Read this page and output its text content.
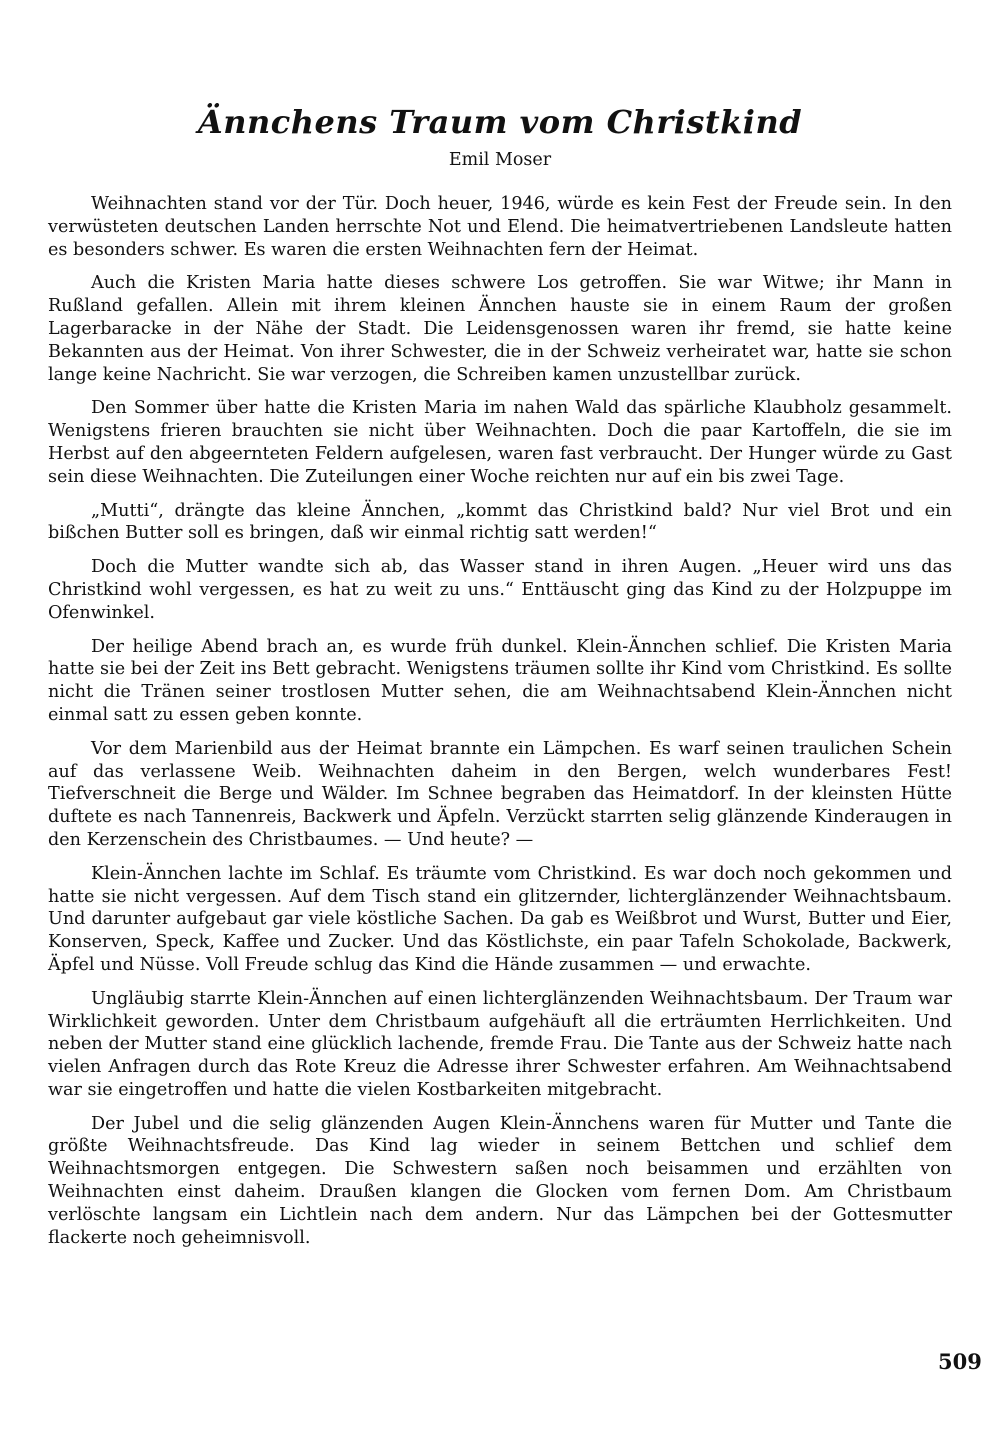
Ännchens Traum vom Christkind
Emil Moser

Weihnachten stand vor der Tür. Doch heuer, 1946, würde es kein Fest der Freude sein. In den verwüsteten deutschen Landen herrschte Not und Elend. Die heimatvertriebenen Landsleute hatten es besonders schwer. Es waren die ersten Weihnachten fern der Heimat.

Auch die Kristen Maria hatte dieses schwere Los getroffen. Sie war Witwe; ihr Mann in Rußland gefallen. Allein mit ihrem kleinen Ännchen hauste sie in einem Raum der großen Lagerbaracke in der Nähe der Stadt. Die Leidensgenossen waren ihr fremd, sie hatte keine Bekannten aus der Heimat. Von ihrer Schwester, die in der Schweiz verheiratet war, hatte sie schon lange keine Nachricht. Sie war verzogen, die Schreiben kamen unzustellbar zurück.

Den Sommer über hatte die Kristen Maria im nahen Wald das spärliche Klaubholz gesammelt. Wenigstens frieren brauchten sie nicht über Weihnachten. Doch die paar Kartoffeln, die sie im Herbst auf den abgeernteten Feldern aufgelesen, waren fast verbraucht. Der Hunger würde zu Gast sein diese Weihnachten. Die Zuteilungen einer Woche reichten nur auf ein bis zwei Tage.

„Mutti“, drängte das kleine Ännchen, „kommt das Christkind bald? Nur viel Brot und ein bißchen Butter soll es bringen, daß wir einmal richtig satt werden!“

Doch die Mutter wandte sich ab, das Wasser stand in ihren Augen. „Heuer wird uns das Christkind wohl vergessen, es hat zu weit zu uns.“ Enttäuscht ging das Kind zu der Holzpuppe im Ofenwinkel.

Der heilige Abend brach an, es wurde früh dunkel. Klein-Ännchen schlief. Die Kristen Maria hatte sie bei der Zeit ins Bett gebracht. Wenigstens träumen sollte ihr Kind vom Christkind. Es sollte nicht die Tränen seiner trostlosen Mutter sehen, die am Weihnachtsabend Klein-Ännchen nicht einmal satt zu essen geben konnte.

Vor dem Marienbild aus der Heimat brannte ein Lämpchen. Es warf seinen traulichen Schein auf das verlassene Weib. Weihnachten daheim in den Bergen, welch wunderbares Fest! Tiefverschneit die Berge und Wälder. Im Schnee begraben das Heimatdorf. In der kleinsten Hütte duftete es nach Tannenreis, Backwerk und Äpfeln. Verzückt starrten selig glänzende Kinderaugen in den Kerzenschein des Christbaumes. — Und heute? —

Klein-Ännchen lachte im Schlaf. Es träumte vom Christkind. Es war doch noch gekommen und hatte sie nicht vergessen. Auf dem Tisch stand ein glitzernder, lichterglänzender Weihnachtsbaum. Und darunter aufgebaut gar viele köstliche Sachen. Da gab es Weißbrot und Wurst, Butter und Eier, Konserven, Speck, Kaffee und Zucker. Und das Köstlichste, ein paar Tafeln Schokolade, Backwerk, Äpfel und Nüsse. Voll Freude schlug das Kind die Hände zusammen — und erwachte.

Ungläubig starrte Klein-Ännchen auf einen lichterglänzenden Weihnachtsbaum. Der Traum war Wirklichkeit geworden. Unter dem Christbaum aufgehäuft all die erträumten Herrlichkeiten. Und neben der Mutter stand eine glücklich lachende, fremde Frau. Die Tante aus der Schweiz hatte nach vielen Anfragen durch das Rote Kreuz die Adresse ihrer Schwester erfahren. Am Weihnachtsabend war sie eingetroffen und hatte die vielen Kostbarkeiten mitgebracht.

Der Jubel und die selig glänzenden Augen Klein-Ännchens waren für Mutter und Tante die größte Weihnachtsfreude. Das Kind lag wieder in seinem Bettchen und schlief dem Weihnachtsmorgen entgegen. Die Schwestern saßen noch beisammen und erzählten von Weihnachten einst daheim. Draußen klangen die Glocken vom fernen Dom. Am Christbaum verlöschte langsam ein Lichtlein nach dem andern. Nur das Lämpchen bei der Gottesmutter flackerte noch geheimnisvoll.

509
